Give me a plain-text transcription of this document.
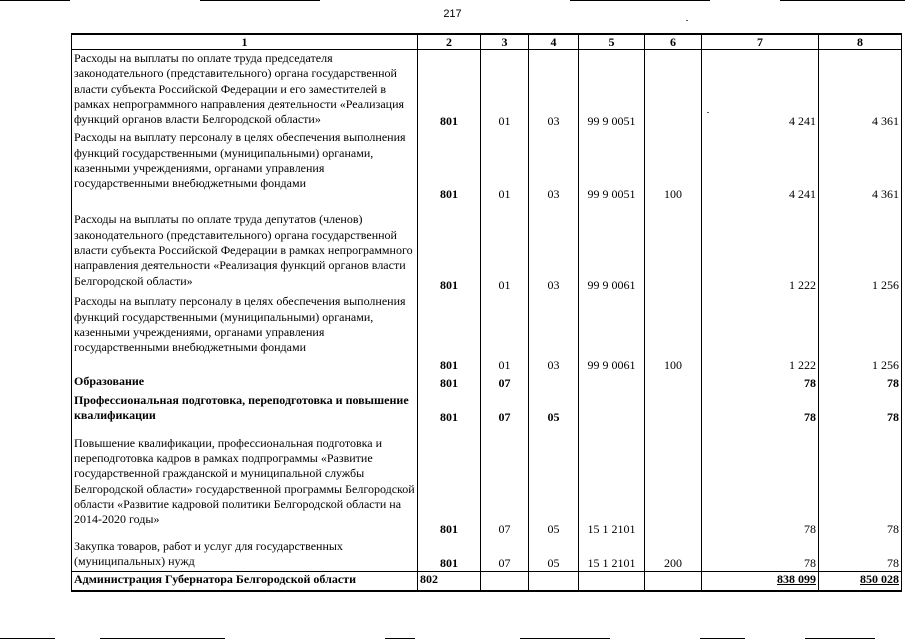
217
1	2	3	4	5	6	7	8
Расходы на выплаты по оплате труда председателя законодательного (представительного) органа государственной власти субъекта Российской Федерации и его заместителей в рамках непрограммного направления деятельности «Реализация функций органов власти Белгородской области»	801	01	03	99 9 0051		4 241	4 361
Расходы на выплату персоналу в целях обеспечения выполнения функций государственными (муниципальными) органами, казенными учреждениями, органами управления государственными внебюджетными фондами	801	01	03	99 9 0051	100	4 241	4 361
Расходы на выплаты по оплате труда депутатов (членов) законодательного (представительного) органа государственной власти субъекта Российской Федерации в рамках непрограммного направления деятельности «Реализация функций органов власти Белгородской области»	801	01	03	99 9 0061		1 222	1 256
Расходы на выплату персоналу в целях обеспечения выполнения функций государственными (муниципальными) органами, казенными учреждениями, органами управления государственными внебюджетными фондами	801	01	03	99 9 0061	100	1 222	1 256
Образование	801	07				78	78
Профессиональная подготовка, переподготовка и повышение квалификации	801	07	05			78	78
Повышение квалификации, профессиональная подготовка и переподготовка кадров в рамках подпрограммы «Развитие государственной гражданской и муниципальной службы Белгородской области» государственной программы Белгородской области «Развитие кадровой политики Белгородской области на 2014-2020 годы»	801	07	05	15 1 2101		78	78
Закупка товаров, работ и услуг для государственных (муниципальных) нужд	801	07	05	15 1 2101	200	78	78
Администрация Губернатора Белгородской области	802					838 099	850 028
